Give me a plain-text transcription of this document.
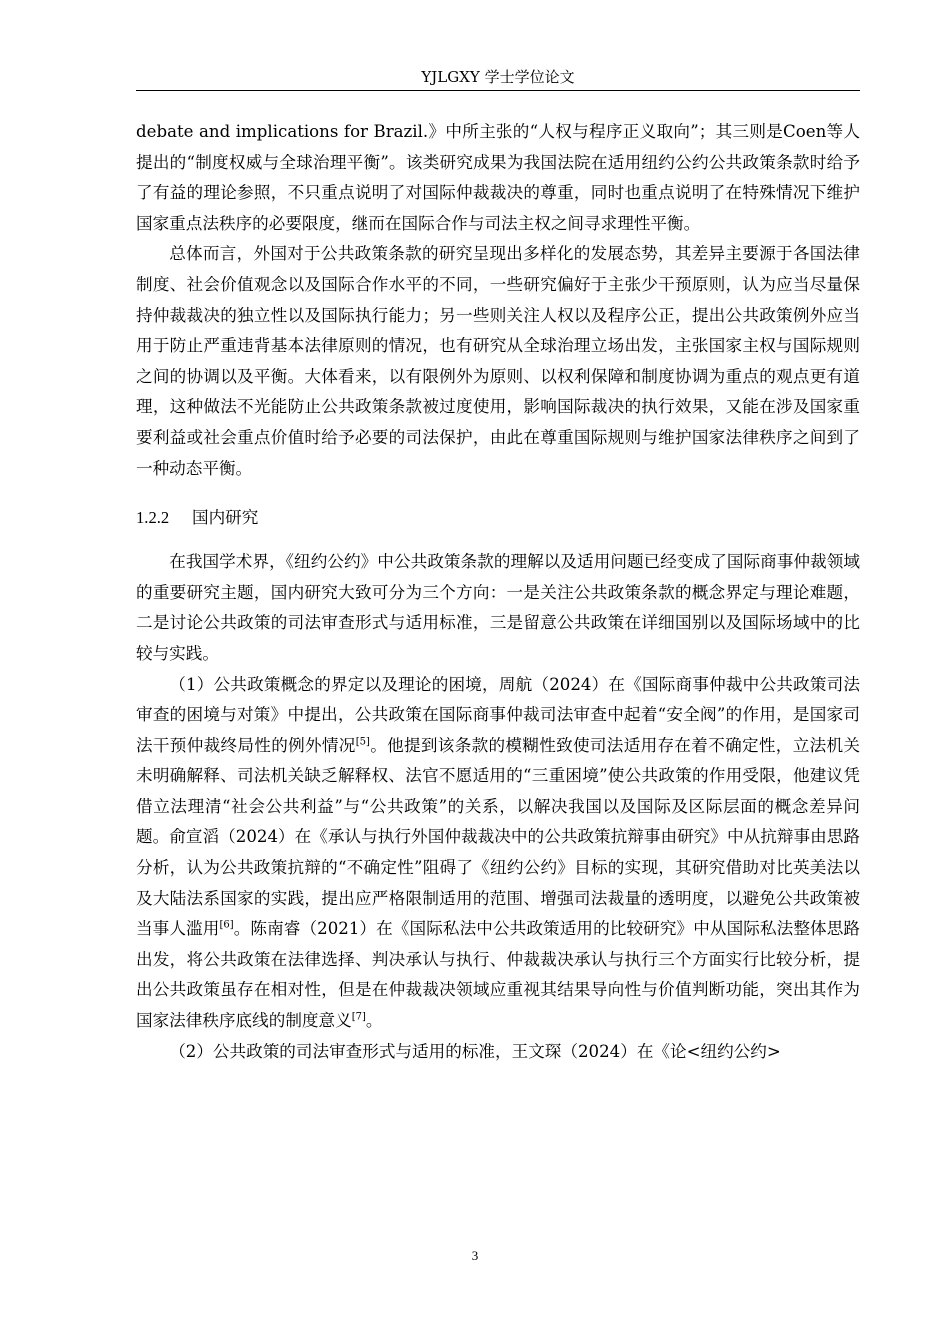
YJLGXY 学士学位论文

debate and implications for Brazil.》中所主张的“人权与程序正义取向”；其三则是Coen等人提出的“制度权威与全球治理平衡”。该类研究成果为我国法院在适用纽约公约公共政策条款时给予了有益的理论参照，不只重点说明了对国际仲裁裁决的尊重，同时也重点说明了在特殊情况下维护国家重点法秩序的必要限度，继而在国际合作与司法主权之间寻求理性平衡。

总体而言，外国对于公共政策条款的研究呈现出多样化的发展态势，其差异主要源于各国法律制度、社会价值观念以及国际合作水平的不同，一些研究偏好于主张少干预原则，认为应当尽量保持仲裁裁决的独立性以及国际执行能力；另一些则关注人权以及程序公正，提出公共政策例外应当用于防止严重违背基本法律原则的情况，也有研究从全球治理立场出发，主张国家主权与国际规则之间的协调以及平衡。大体看来，以有限例外为原则、以权利保障和制度协调为重点的观点更有道理，这种做法不光能防止公共政策条款被过度使用，影响国际裁决的执行效果，又能在涉及国家重要利益或社会重点价值时给予必要的司法保护，由此在尊重国际规则与维护国家法律秩序之间到了一种动态平衡。

1.2.2 国内研究

在我国学术界，《纽约公约》中公共政策条款的理解以及适用问题已经变成了国际商事仲裁领域的重要研究主题，国内研究大致可分为三个方向：一是关注公共政策条款的概念界定与理论难题，二是讨论公共政策的司法审查形式与适用标准，三是留意公共政策在详细国别以及国际场域中的比较与实践。

（1）公共政策概念的界定以及理论的困境，周航（2024）在《国际商事仲裁中公共政策司法审查的困境与对策》中提出，公共政策在国际商事仲裁司法审查中起着“安全阀”的作用，是国家司法干预仲裁终局性的例外情况[5]。他提到该条款的模糊性致使司法适用存在着不确定性，立法机关未明确解释、司法机关缺乏解释权、法官不愿适用的“三重困境”使公共政策的作用受限，他建议凭借立法理清“社会公共利益”与“公共政策”的关系，以解决我国以及国际及区际层面的概念差异问题。俞宣滔（2024）在《承认与执行外国仲裁裁决中的公共政策抗辩事由研究》中从抗辩事由思路分析，认为公共政策抗辩的“不确定性”阻碍了《纽约公约》目标的实现，其研究借助对比英美法以及大陆法系国家的实践，提出应严格限制适用的范围、增强司法裁量的透明度，以避免公共政策被当事人滥用[6]。陈南睿（2021）在《国际私法中公共政策适用的比较研究》中从国际私法整体思路出发，将公共政策在法律选择、判决承认与执行、仲裁裁决承认与执行三个方面实行比较分析，提出公共政策虽存在相对性，但是在仲裁裁决领域应重视其结果导向性与价值判断功能，突出其作为国家法律秩序底线的制度意义[7]。

（2）公共政策的司法审查形式与适用的标准，王文琛（2024）在《论<纽约公约>

3
